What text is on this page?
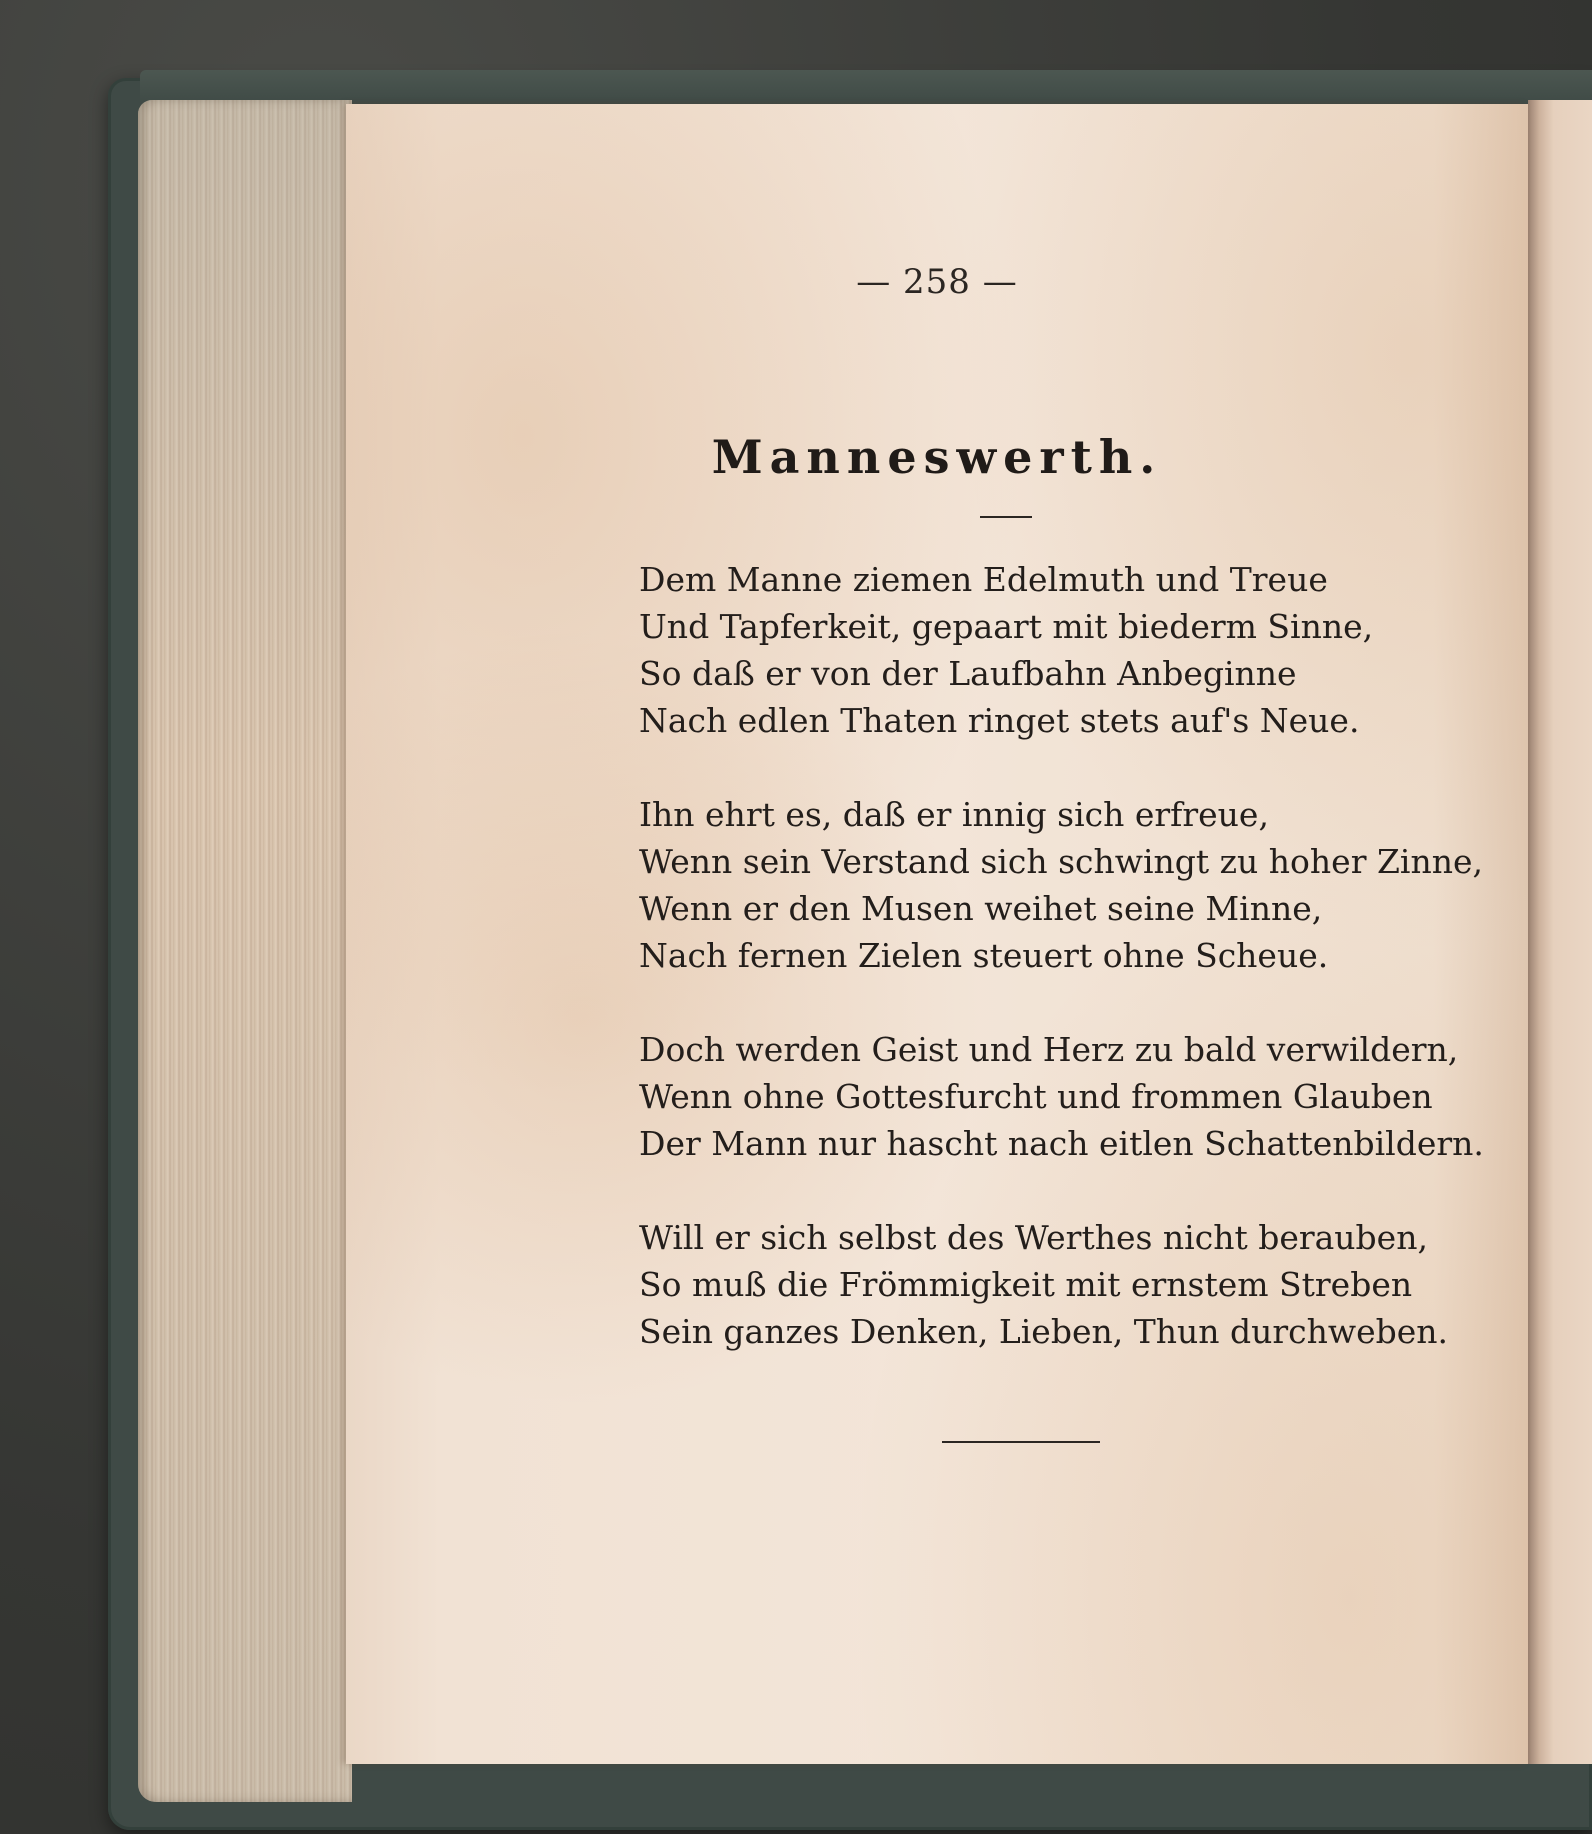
— 258 —
Manneswerth.
Dem Manne ziemen Edelmuth und Treue
Und Tapferkeit, gepaart mit biederm Sinne,
So daß er von der Laufbahn Anbeginne
Nach edlen Thaten ringet stets auf's Neue.
Ihn ehrt es, daß er innig sich erfreue,
Wenn sein Verstand sich schwingt zu hoher Zinne,
Wenn er den Musen weihet seine Minne,
Nach fernen Zielen steuert ohne Scheue.
Doch werden Geist und Herz zu bald verwildern,
Wenn ohne Gottesfurcht und frommen Glauben
Der Mann nur hascht nach eitlen Schattenbildern.
Will er sich selbst des Werthes nicht berauben,
So muß die Frömmigkeit mit ernstem Streben
Sein ganzes Denken, Lieben, Thun durchweben.
